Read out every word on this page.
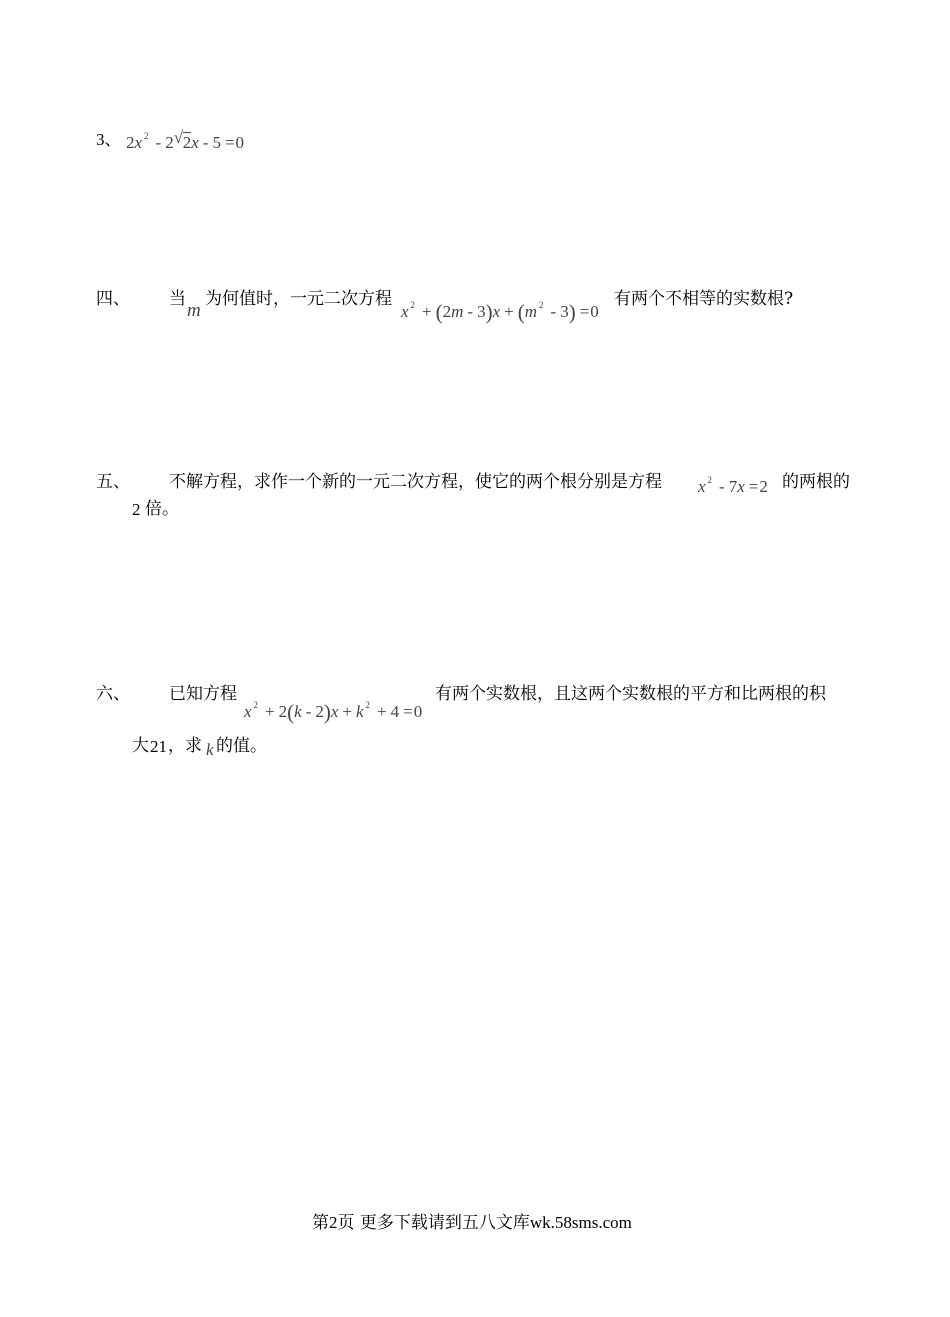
3、 2x $^2$ - 2 √ 2x - 5 =0
四、 当
m
为何值时，一元二次方程
x $^2$ + (2m - 3)x + (m $^2$ - 3) =0
有两个不相等的实数根?
五、 不解方程，求作一个新的一元二次方程，使它的两个根分别是方程 x $^2$ - 7x =2 的两根的
2 倍。
六、 已知方程
x $^2$ + 2(k - 2)x + k $^2$ + 4 =0
有两个实数根，且这两个实数根的平方和比两根的积
大 21 ，求 k 的值。
第2页 更多下载请到五八文库wk.58sms.com
